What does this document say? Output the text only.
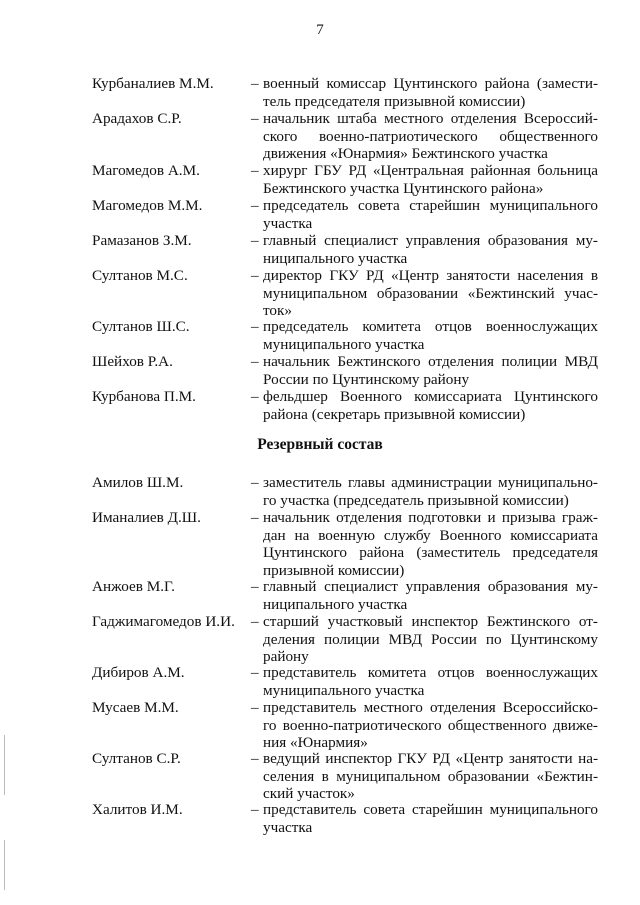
7
Курбаналиев М.М. – военный комиссар Цунтинского района (замести-
тель председателя призывной комиссии)
Арадахов С.Р.	– начальник штаба местного отделения Всероссий-
ского военно-патриотического общественного
движения «Юнармия» Бежтинского участка
Магомедов А.М.	– хирург ГБУ РД «Центральная районная больница
Бежтинского участка Цунтинского района»
Магомедов М.М.	– председатель совета старейшин муниципального
участка
Рамазанов З.М.	– главный специалист управления образования му-
ниципального участка
Султанов М.С.	– директор ГКУ РД «Центр занятости населения в
муниципальном образовании «Бежтинский учас-
ток»
Султанов Ш.С.	– председатель комитета отцов военнослужащих
муниципального участка
Шейхов Р.А.	– начальник Бежтинского отделения полиции МВД
России по Цунтинскому району
Курбанова П.М.	– фельдшер Военного комиссариата Цунтинского
района (секретарь призывной комиссии)
Резервный состав
Амилов Ш.М.	– заместитель главы администрации муниципально-
го участка (председатель призывной комиссии)
Иманалиев Д.Ш.	– начальник отделения подготовки и призыва граж-
дан на военную службу Военного комиссариата
Цунтинского района (заместитель председателя
призывной комиссии)
Анжоев М.Г.	– главный специалист управления образования му-
ниципального участка
Гаджимагомедов И.И. – старший участковый инспектор Бежтинского от-
деления полиции МВД России по Цунтинскому
району
Дибиров А.М.	– представитель комитета отцов военнослужащих
муниципального участка
Мусаев М.М.	– представитель местного отделения Всероссийско-
го военно-патриотического общественного движе-
ния «Юнармия»
Султанов С.Р.	– ведущий инспектор ГКУ РД «Центр занятости на-
селения в муниципальном образовании «Бежтин-
ский участок»
Халитов И.М.	– представитель совета старейшин муниципального
участка
